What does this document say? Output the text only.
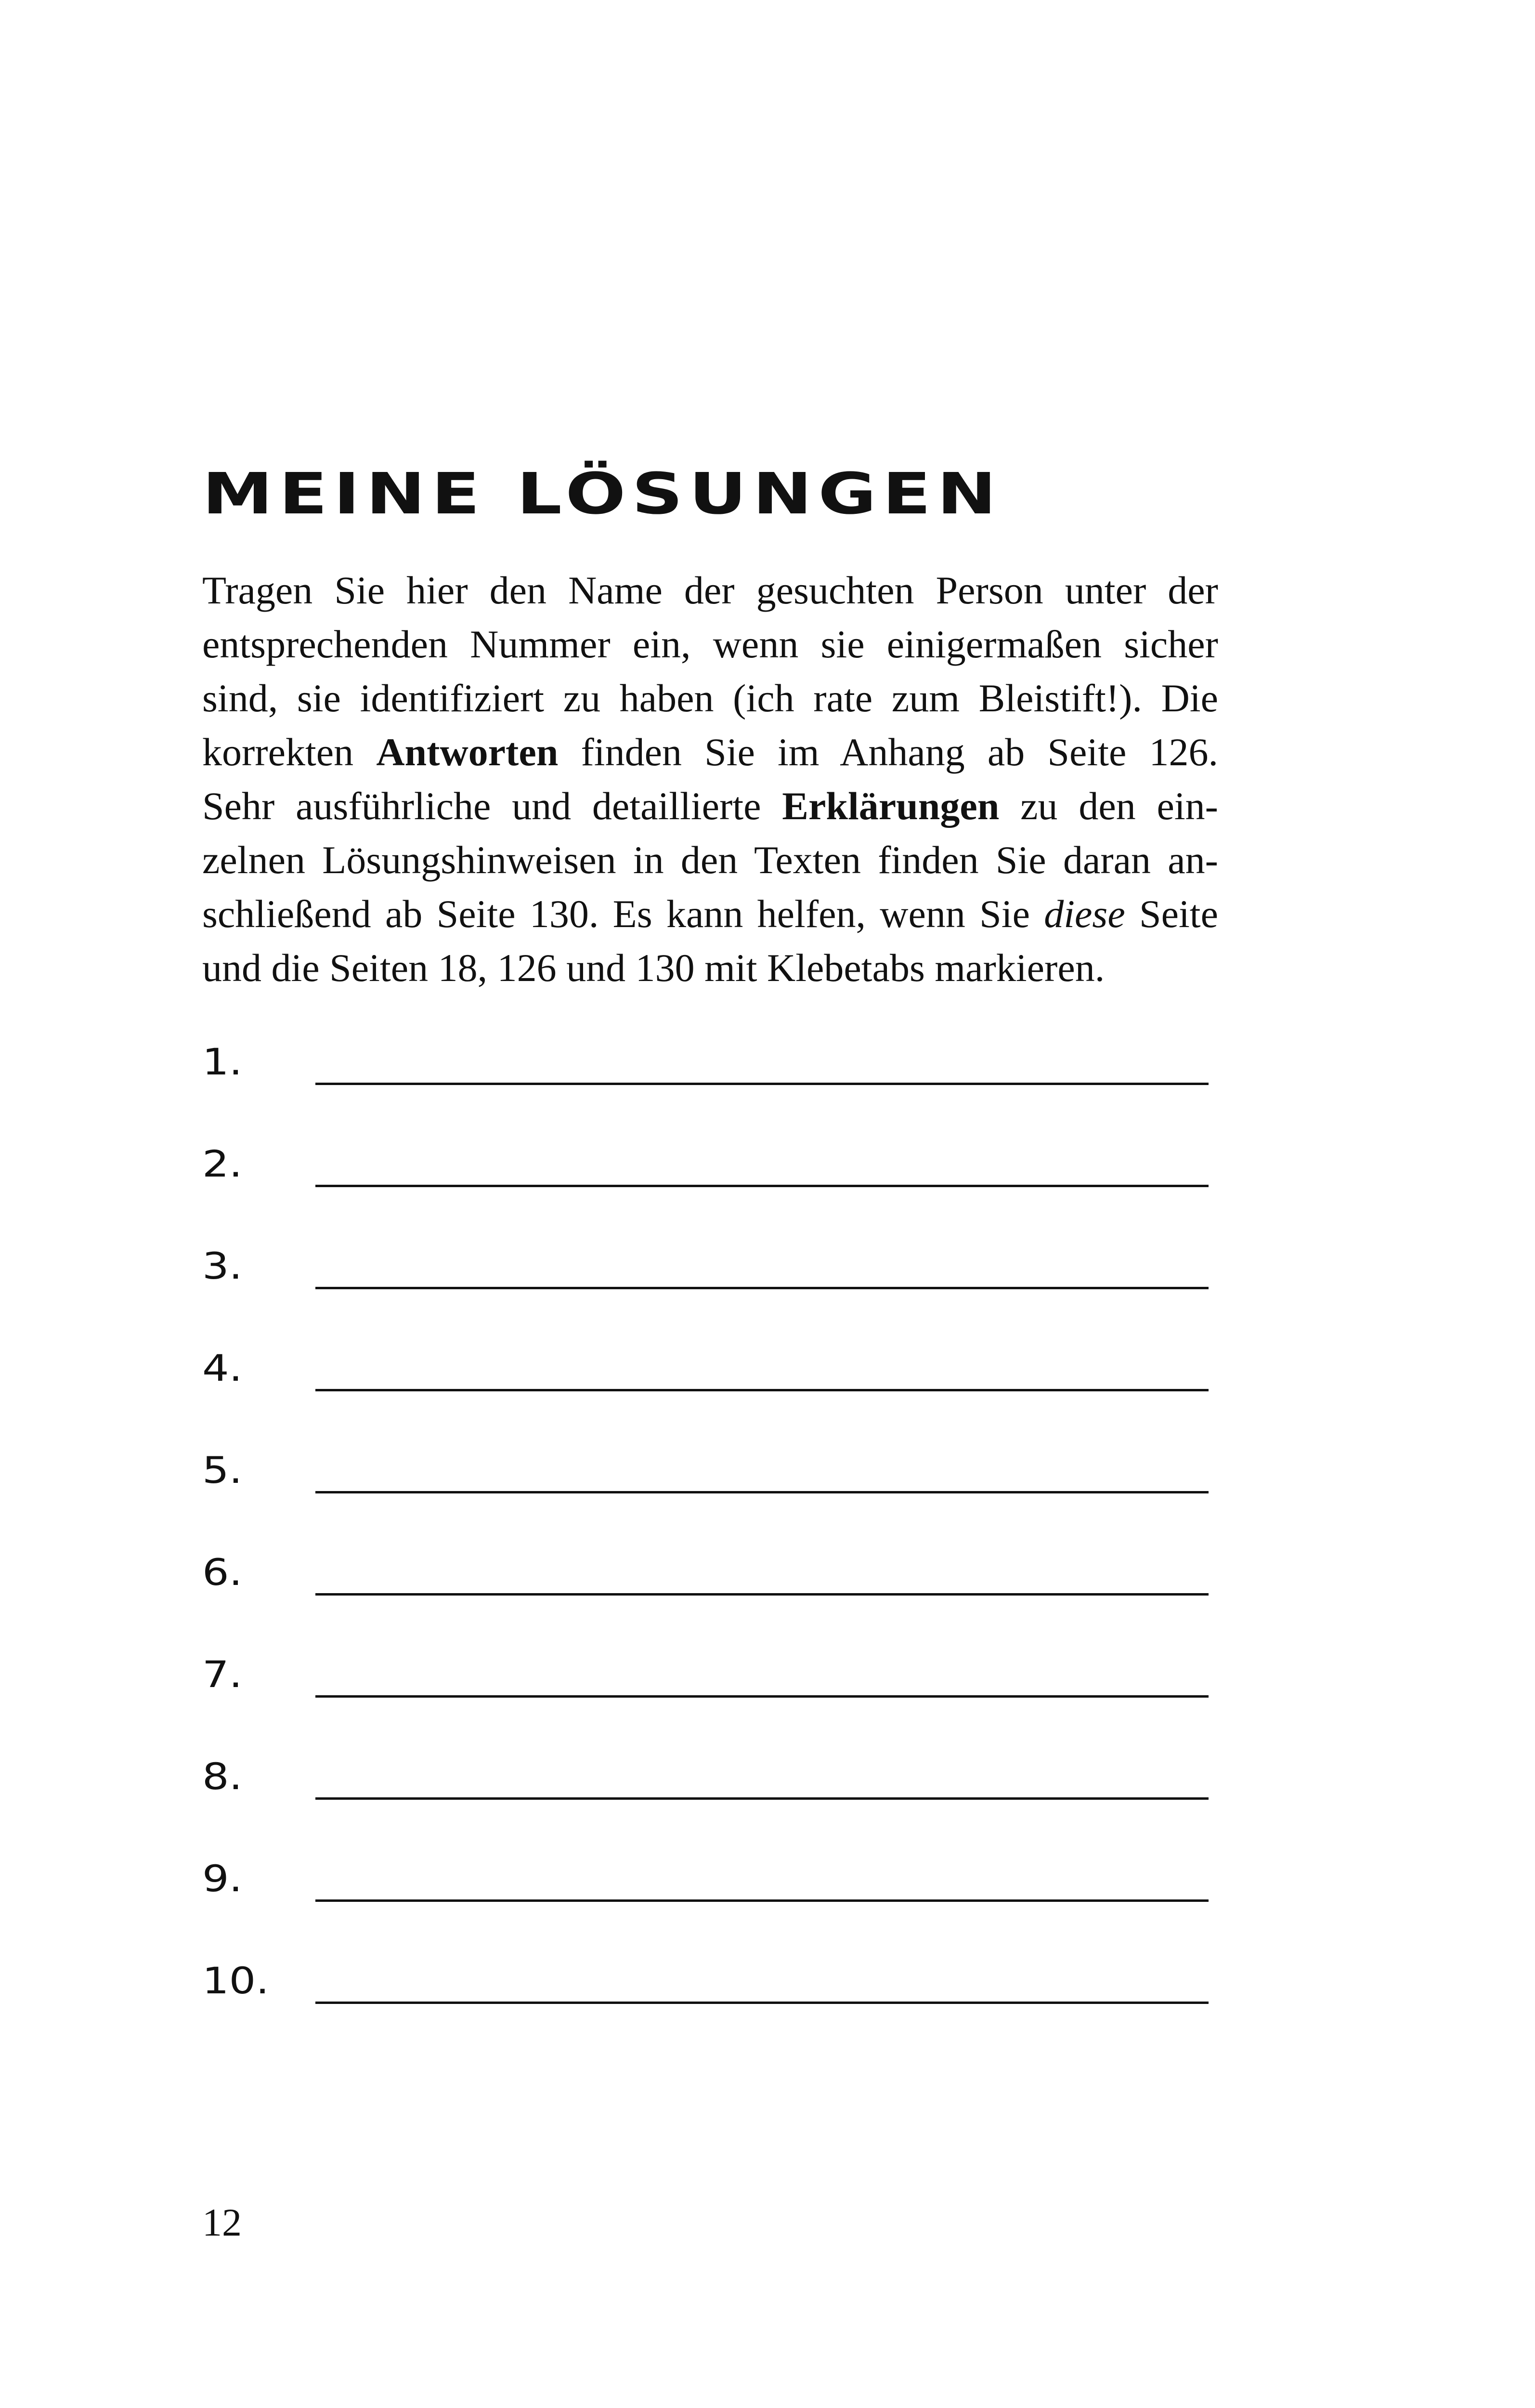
MEINE LÖSUNGEN

Tragen Sie hier den Name der gesuchten Person unter der
entsprechenden Nummer ein, wenn sie einigermaßen sicher
sind, sie identifiziert zu haben (ich rate zum Bleistift!). Die
korrekten Antworten finden Sie im Anhang ab Seite 126.
Sehr ausführliche und detaillierte Erklärungen zu den ein-
zelnen Lösungshinweisen in den Texten finden Sie daran an-
schließend ab Seite 130. Es kann helfen, wenn Sie diese Seite
und die Seiten 18, 126 und 130 mit Klebetabs markieren.

1.
2.
3.
4.
5.
6.
7.
8.
9.
10.
12
